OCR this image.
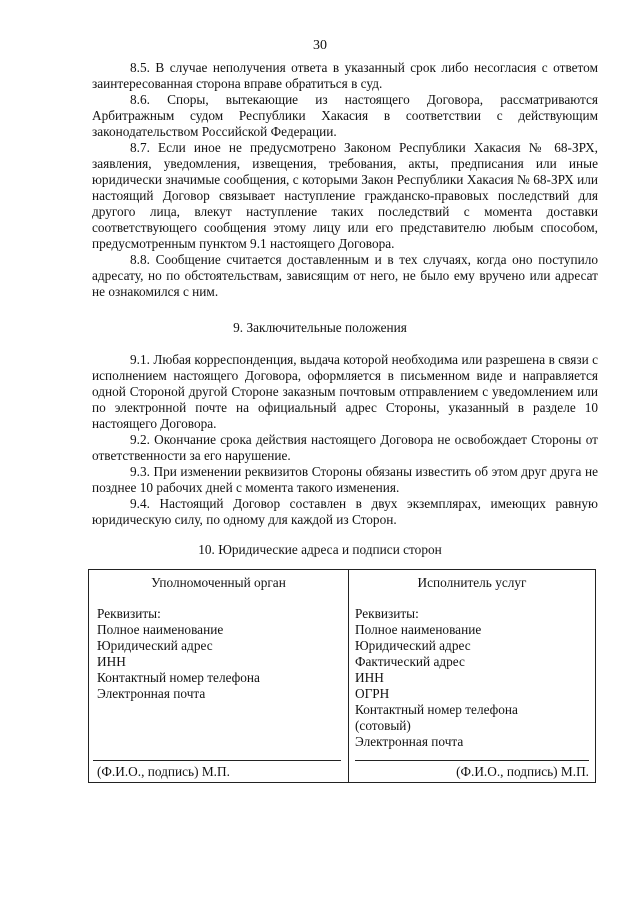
30

8.5. В случае неполучения ответа в указанный срок либо несогласия с ответом заинтересованная сторона вправе обратиться в суд.

8.6. Споры, вытекающие из настоящего Договора, рассматриваются Арбитражным судом Республики Хакасия в соответствии с действующим законодательством Российской Федерации.

8.7. Если иное не предусмотрено Законом Республики Хакасия № 68-ЗРХ, заявления, уведомления, извещения, требования, акты, предписания или иные юридически значимые сообщения, с которыми Закон Республики Хакасия № 68-ЗРХ или настоящий Договор связывает наступление гражданско-правовых последствий для другого лица, влекут наступление таких последствий с момента доставки соответствующего сообщения этому лицу или его представителю любым способом, предусмотренным пунктом 9.1 настоящего Договора.

8.8. Сообщение считается доставленным и в тех случаях, когда оно поступило адресату, но по обстоятельствам, зависящим от него, не было ему вручено или адресат не ознакомился с ним.

9. Заключительные положения

9.1. Любая корреспонденция, выдача которой необходима или разрешена в связи с исполнением настоящего Договора, оформляется в письменном виде и направляется одной Стороной другой Стороне заказным почтовым отправлением с уведомлением или по электронной почте на официальный адрес Стороны, указанный в разделе 10 настоящего Договора.

9.2. Окончание срока действия настоящего Договора не освобождает Стороны от ответственности за его нарушение.

9.3. При изменении реквизитов Стороны обязаны известить об этом друг друга не позднее 10 рабочих дней с момента такого изменения.

9.4. Настоящий Договор составлен в двух экземплярах, имеющих равную юридическую силу, по одному для каждой из Сторон.

10. Юридические адреса и подписи сторон

Уполномоченный орган
Реквизиты:
Полное наименование
Юридический адрес
ИНН
Контактный номер телефона
Электронная почта
(Ф.И.О., подпись) М.П.
Исполнитель услуг
Реквизиты:
Полное наименование
Юридический адрес
Фактический адрес
ИНН
ОГРН
Контактный номер телефона
(сотовый)
Электронная почта
(Ф.И.О., подпись) М.П.
